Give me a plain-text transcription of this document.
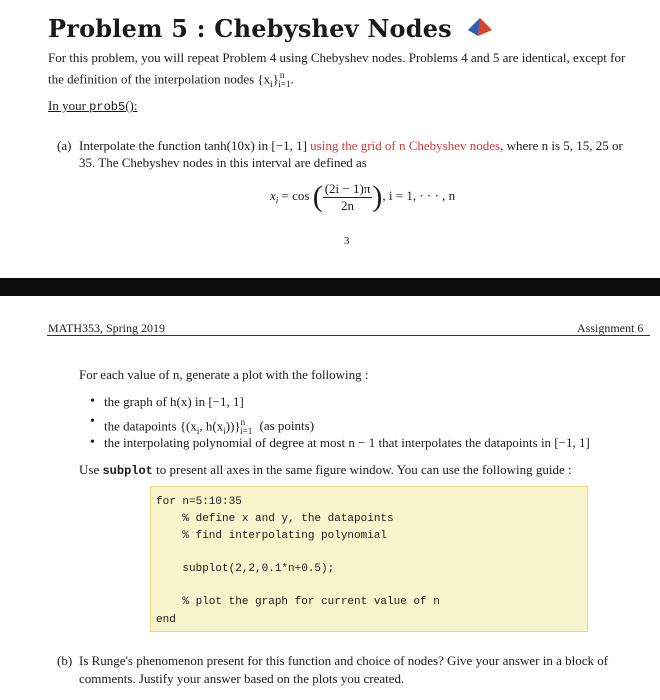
Problem 5 : Chebyshev Nodes
For this problem, you will repeat Problem 4 using Chebyshev nodes. Problems 4 and 5 are identical, except for
the definition of the interpolation nodes $\{x_i\}^n_{i=1}$.
In your prob5():
(a) Interpolate the function tanh(10x) in [−1, 1] using the grid of n Chebyshev nodes, where n is 5, 15, 25 or
35. The Chebyshev nodes in this interval are defined as
$x_i = \cos$ ( $\frac{(2i - 1)\pi}{2n}$ ), i = 1, · · · , n
3
MATH353, Spring 2019	Assignment 6
For each value of n, generate a plot with the following :
• the graph of h(x) in [−1, 1]
• the datapoints {($x_i$, $h(x_i))\}^n_{i=1}$ (as points)
• the interpolating polynomial of degree at most n − 1 that interpolates the datapoints in [−1, 1]
Use subplot to present all axes in the same figure window. You can use the following guide :
for n=5:10:35
% define x and y, the datapoints
% find interpolating polynomial
subplot(2,2,0.1*n+0.5);
% plot the graph for current value of n
end
(b) Is Runge's phenomenon present for this function and choice of nodes? Give your answer in a block of
comments. Justify your answer based on the plots you created.
